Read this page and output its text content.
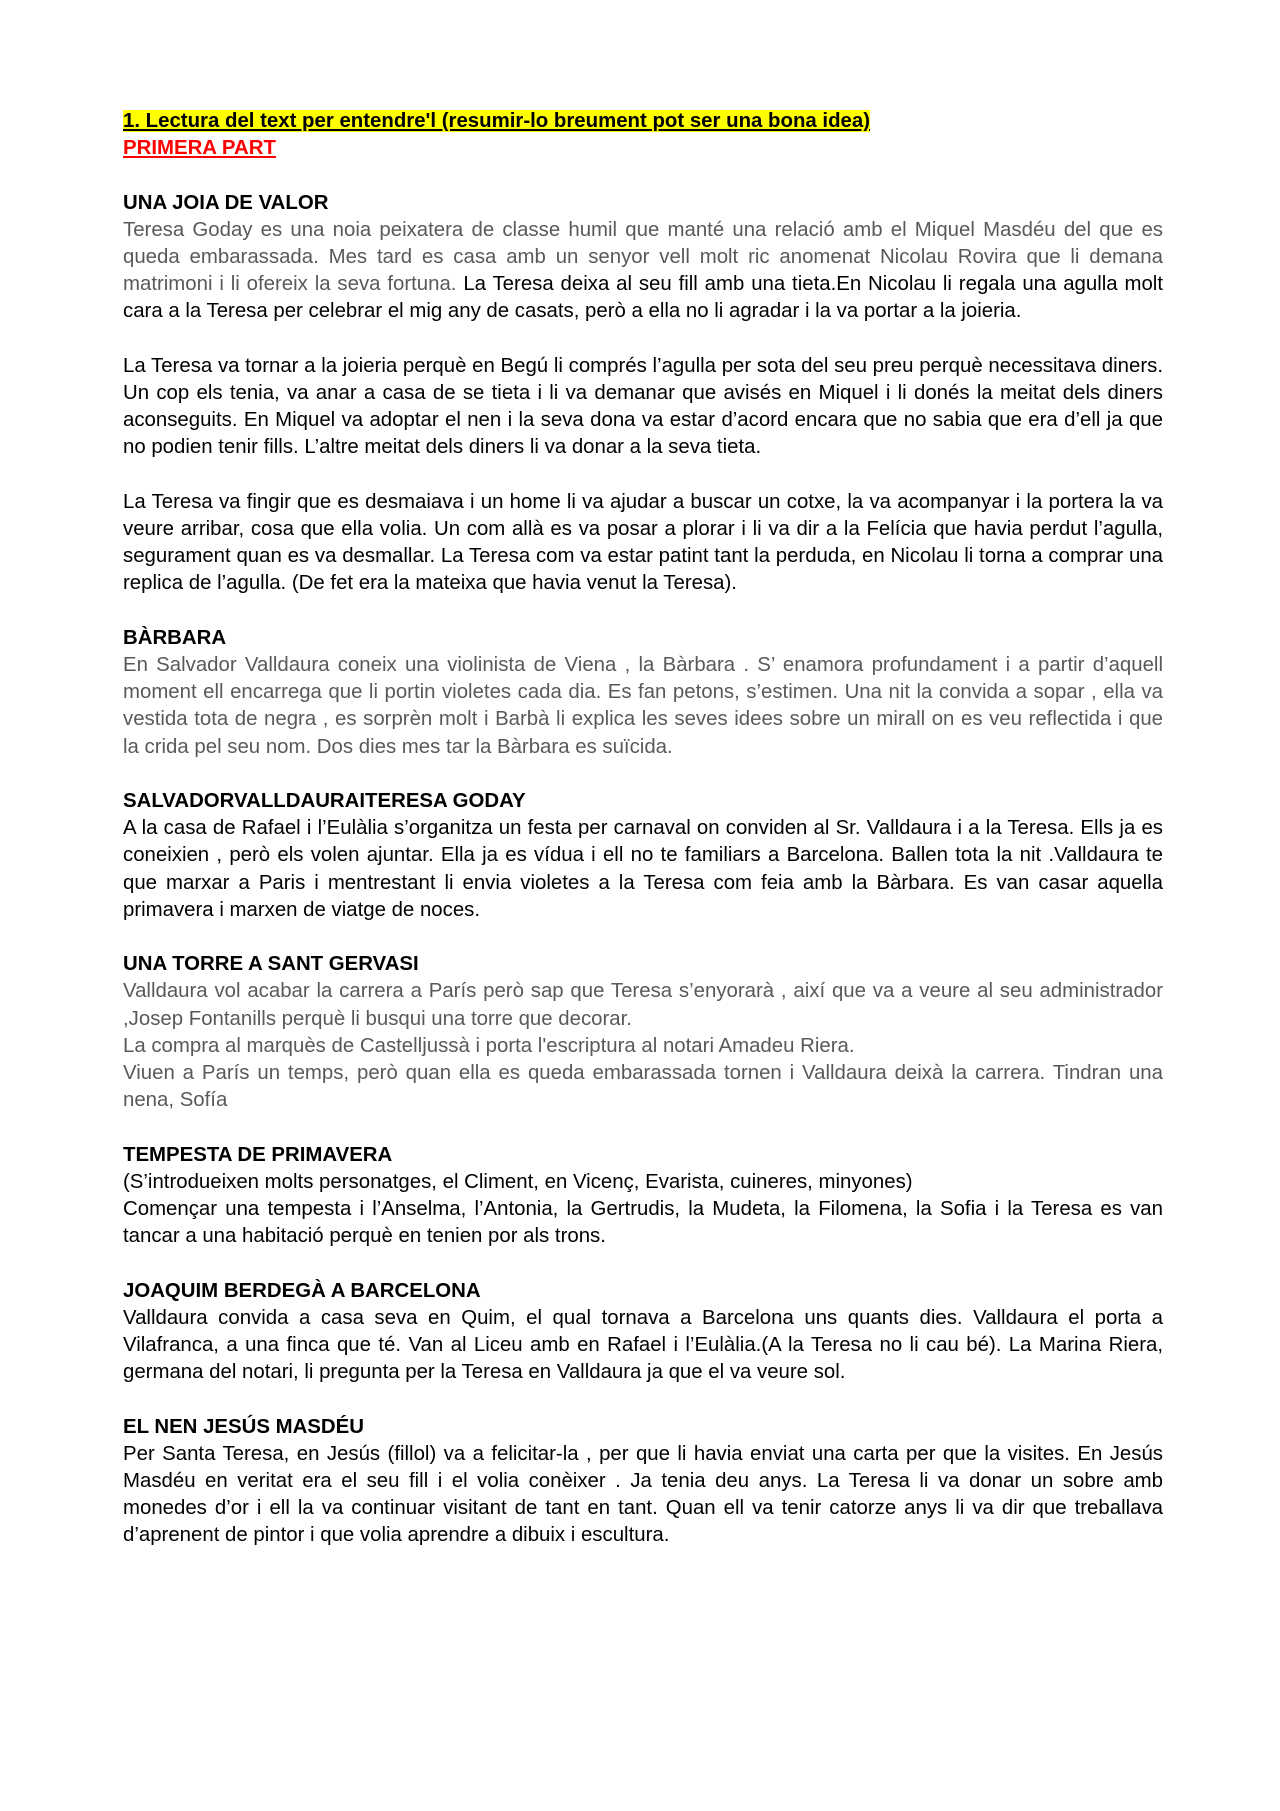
1. Lectura del text per entendre'l (resumir-lo breument pot ser una bona idea)
PRIMERA PART
UNA JOIA DE VALOR

Teresa Goday es una noia peixatera de classe humil que manté una relació amb el Miquel Masdéu del que es queda embarassada. Mes tard es casa amb un senyor vell molt ric anomenat Nicolau Rovira que li demana matrimoni i li ofereix la seva fortuna. La Teresa deixa al seu fill amb una tieta.En Nicolau li regala una agulla molt cara a la Teresa per celebrar el mig any de casats, però a ella no li agradar i la va portar a la joieria.

La Teresa va tornar a la joieria perquè en Begú li comprés l’agulla per sota del seu preu perquè necessitava diners. Un cop els tenia, va anar a casa de se tieta i li va demanar que avisés en Miquel i li donés la meitat dels diners aconseguits. En Miquel va adoptar el nen i la seva dona va estar d’acord encara que no sabia que era d’ell ja que no podien tenir fills. L’altre meitat dels diners li va donar a la seva tieta.

La Teresa va fingir que es desmaiava i un home li va ajudar a buscar un cotxe, la va acompanyar i la portera la va veure arribar, cosa que ella volia. Un com allà es va posar a plorar i li va dir a la Felícia que havia perdut l’agulla, segurament quan es va desmallar. La Teresa com va estar patint tant la perduda, en Nicolau li torna a comprar una replica de l’agulla. (De fet era la mateixa que havia venut la Teresa).

BÀRBARA

En Salvador Valldaura coneix una violinista de Viena , la Bàrbara . S’ enamora profundament i a partir d’aquell moment ell encarrega que li portin violetes cada dia. Es fan petons, s’estimen. Una nit la convida a sopar , ella va vestida tota de negra , es sorprèn molt i Barbà li explica les seves idees sobre un mirall on es veu reflectida i que la crida pel seu nom. Dos dies mes tar la Bàrbara es suïcida.

SALVADORVALLDAURAITERESA GODAY

A la casa de Rafael i l’Eulàlia s’organitza un festa per carnaval on conviden al Sr. Valldaura i a la Teresa. Ells ja es coneixien , però els volen ajuntar. Ella ja es vídua i ell no te familiars a Barcelona. Ballen tota la nit .Valldaura te que marxar a Paris i mentrestant li envia violetes a la Teresa com feia amb la Bàrbara. Es van casar aquella primavera i marxen de viatge de noces.

UNA TORRE A SANT GERVASI

Valldaura vol acabar la carrera a París però sap que Teresa s’enyorarà , així que va a veure al seu administrador ,Josep Fontanills perquè li busqui una torre que decorar.

La compra al marquès de Castelljussà i porta l'escriptura al notari Amadeu Riera.

Viuen a París un temps, però quan ella es queda embarassada tornen i Valldaura deixà la carrera. Tindran una nena, Sofía

TEMPESTA DE PRIMAVERA

(S’introdueixen molts personatges, el Climent, en Vicenç, Evarista, cuineres, minyones)

Començar una tempesta i l’Anselma, l’Antonia, la Gertrudis, la Mudeta, la Filomena, la Sofia i la Teresa es van tancar a una habitació perquè en tenien por als trons.

JOAQUIM BERDEGÀ A BARCELONA

Valldaura convida a casa seva en Quim, el qual tornava a Barcelona uns quants dies. Valldaura el porta a Vilafranca, a una finca que té. Van al Liceu amb en Rafael i l’Eulàlia.(A la Teresa no li cau bé). La Marina Riera, germana del notari, li pregunta per la Teresa en Valldaura ja que el va veure sol.

EL NEN JESÚS MASDÉU

Per Santa Teresa, en Jesús (fillol) va a felicitar-la , per que li havia enviat una carta per que la visites. En Jesús Masdéu en veritat era el seu fill i el volia conèixer . Ja tenia deu anys. La Teresa li va donar un sobre amb monedes d’or i ell la va continuar visitant de tant en tant. Quan ell va tenir catorze anys li va dir que treballava d’aprenent de pintor i que volia aprendre a dibuix i escultura.
